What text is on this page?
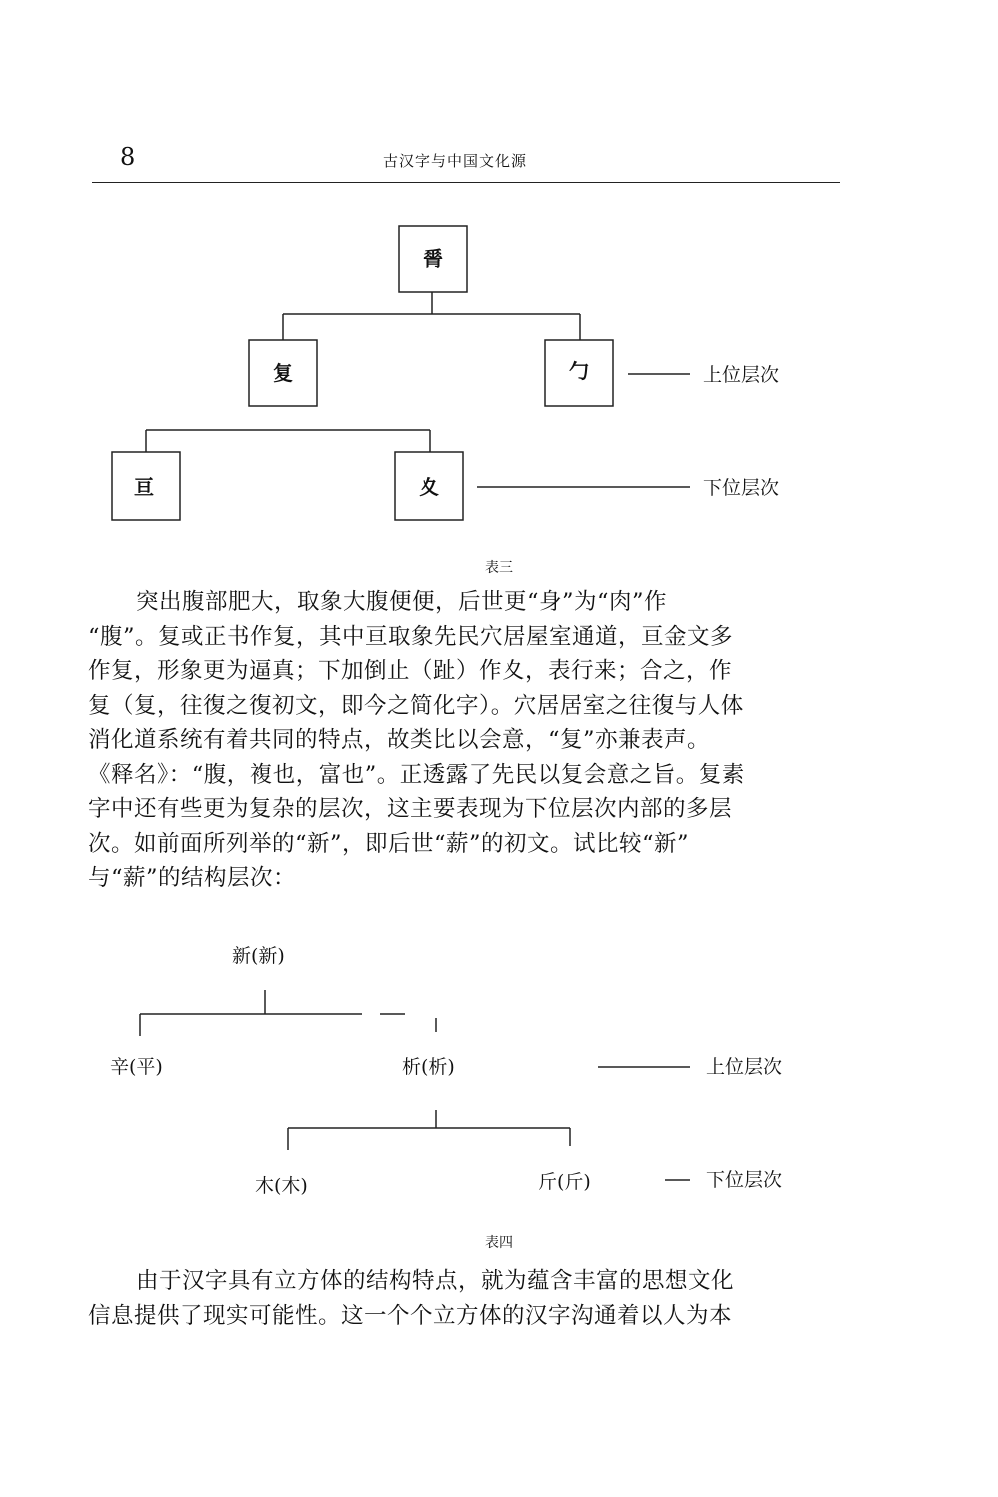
8	古汉字与中国文化源
𦟝
复	勹
亘	夊
上位层次
下位层次
新(新)
辛(平)	析(析)
木(木)	斤(斤)
上位层次
下位层次
表三
突出腹部肥大，取象大腹便便，后世更“身”为“肉”作
“腹”。复或正书作复，其中亘取象先民穴居屋室通道，亘金文多
作复，形象更为逼真；下加倒止（趾）作夊，表行来；合之，作
复（复，往復之復初文，即今之简化字）。穴居居室之往復与人体
消化道系统有着共同的特点，故类比以会意，“复”亦兼表声。
《释名》：“腹，複也，富也”。正透露了先民以复会意之旨。复素
字中还有些更为复杂的层次，这主要表现为下位层次内部的多层
次。如前面所列举的“新”，即后世“薪”的初文。试比较“新”
与“薪”的结构层次：
表四
由于汉字具有立方体的结构特点，就为蕴含丰富的思想文化
信息提供了现实可能性。这一个个立方体的汉字沟通着以人为本
